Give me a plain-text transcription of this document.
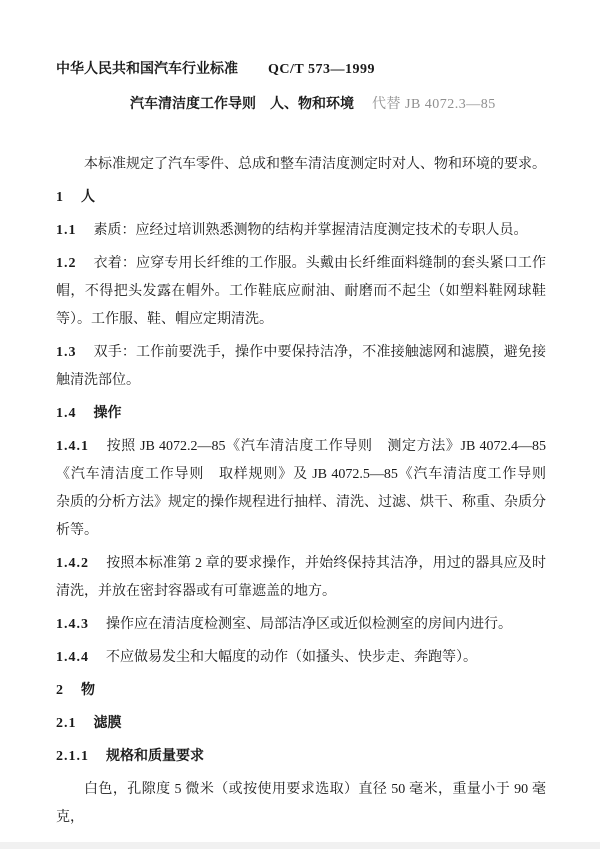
中华人民共和国汽车行业标准 QC/T 573—1999
汽车清洁度工作导则　人、物和环境 代替 JB 4072.3—85

本标准规定了汽车零件、总成和整车清洁度测定时对人、物和环境的要求。

1 人

1.1 素质：应经过培训熟悉测物的结构并掌握清洁度测定技术的专职人员。

1.2 衣着：应穿专用长纤维的工作服。头戴由长纤维面料缝制的套头紧口工作帽，不得把头发露在帽外。工作鞋底应耐油、耐磨而不起尘（如塑料鞋网球鞋等）。工作服、鞋、帽应定期清洗。

1.3 双手：工作前要洗手，操作中要保持洁净，不准接触滤网和滤膜，避免接触清洗部位。

1.4 操作

1.4.1 按照 JB 4072.2—85《汽车清洁度工作导则　测定方法》JB 4072.4—85《汽车清洁度工作导则　取样规则》及 JB 4072.5—85《汽车清洁度工作导则　杂质的分析方法》规定的操作规程进行抽样、清洗、过滤、烘干、称重、杂质分析等。

1.4.2 按照本标准第 2 章的要求操作，并始终保持其洁净，用过的器具应及时清洗，并放在密封容器或有可靠遮盖的地方。

1.4.3 操作应在清洁度检测室、局部洁净区或近似检测室的房间内进行。

1.4.4 不应做易发尘和大幅度的动作（如搔头、快步走、奔跑等）。

2 物

2.1 滤膜

2.1.1 规格和质量要求

白色，孔隙度 5 微米（或按使用要求选取）直径 50 毫米，重量小于 90 毫克，
